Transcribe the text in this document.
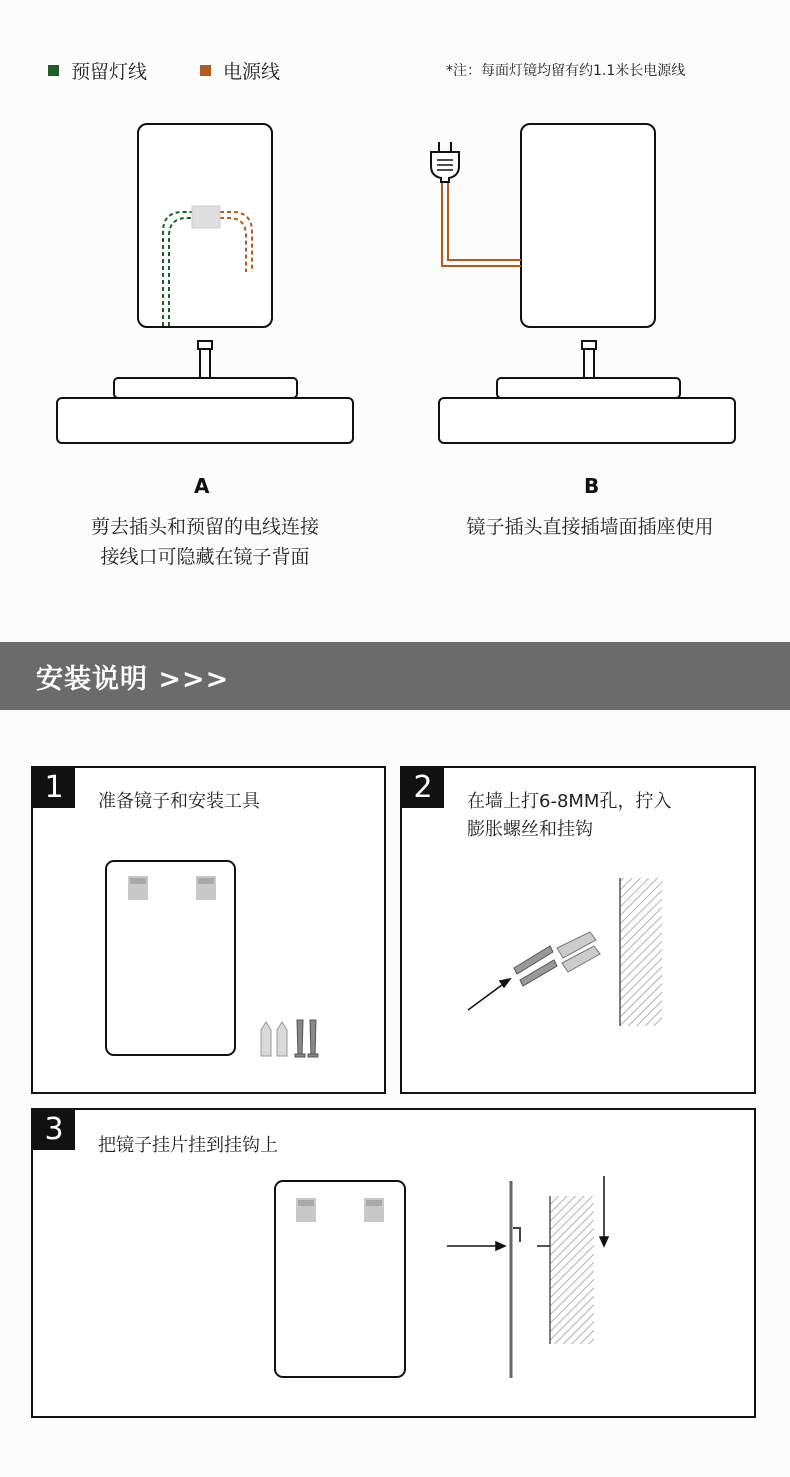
预留灯线	电源线	*注：每面灯镜均留有约1.1米长电源线
A
剪去插头和预留的电线连接
接线口可隐藏在镜子背面
B
镜子插头直接插墙面插座使用
安装说明 >>>
1	准备镜子和安装工具	2	在墙上打6-8MM孔，拧入
膨胀螺丝和挂钩
3	把镜子挂片挂到挂钩上
